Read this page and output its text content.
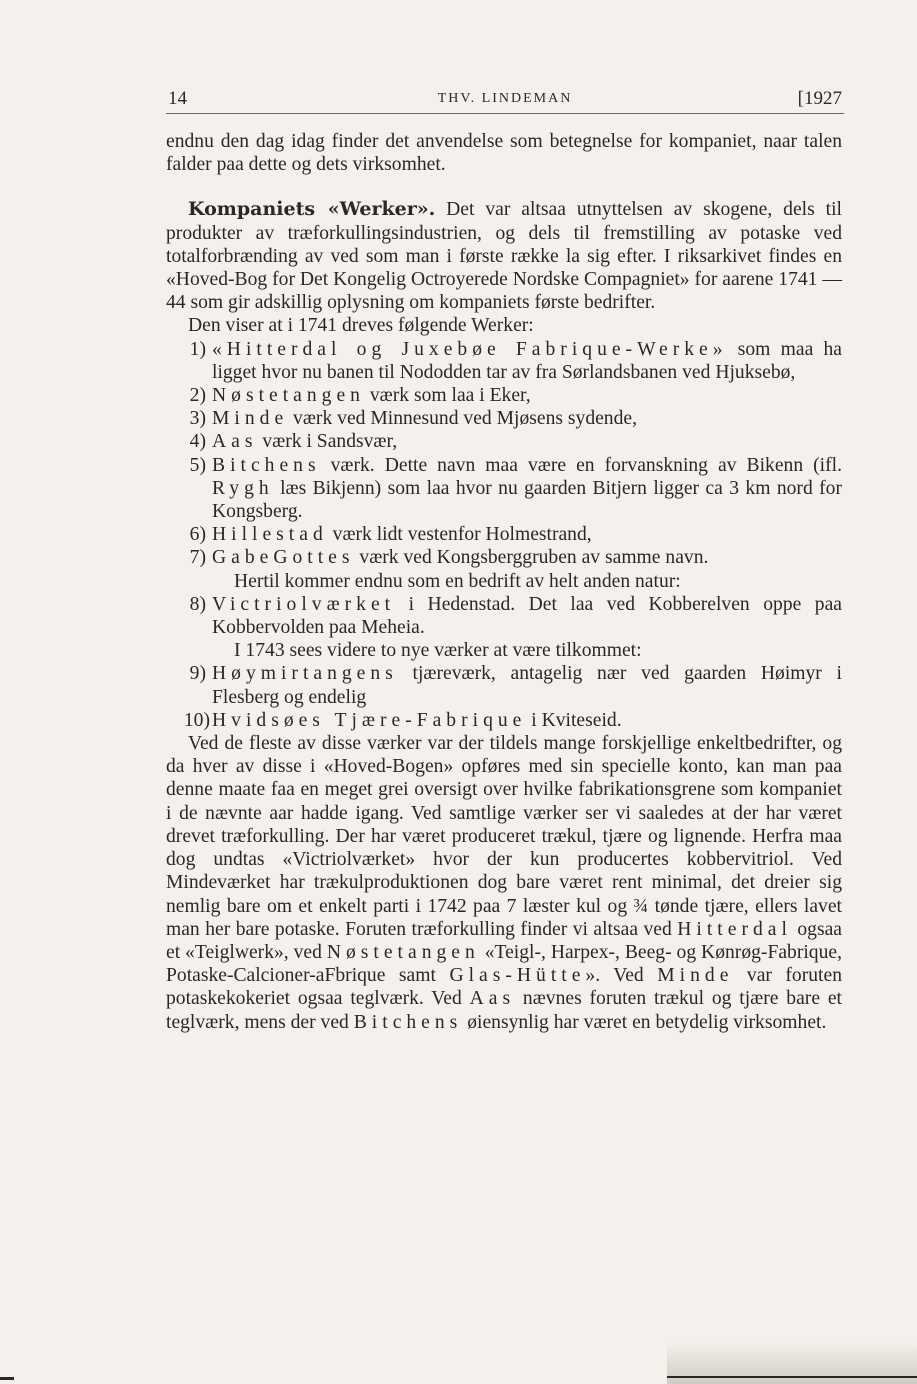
14	THV. LINDEMAN	[1927

endnu den dag idag finder det anvendelse som betegnelse for kompaniet, naar talen falder paa dette og dets virksomhet.

Kompaniets «Werker». Det var altsaa utnyttelsen av skogene, dels til produkter av træforkullingsindustrien, og dels til fremstilling av potaske ved totalforbrænding av ved som man i første række la sig efter. I riksarkivet findes en «Hoved-Bog for Det Kongelig Octroyerede Nordske Compagniet» for aarene 1741 —44 som gir adskillig oplysning om kompaniets første bedrifter.

Den viser at i 1741 dreves følgende Werker:

1) «Hitterdal og Juxebøe Fabrique-Werke» som maa ha ligget hvor nu banen til Nododden tar av fra Sørlandsbanen ved Hjuksebø,
2) Nøstetangen værk som laa i Eker,
3) Minde værk ved Minnesund ved Mjøsens sydende,
4) Aas værk i Sandsvær,
5) Bitchens værk. Dette navn maa være en forvanskning av Bikenn (ifl. Rygh læs Bikjenn) som laa hvor nu gaarden Bitjern ligger ca 3 km nord for Kongsberg.
6) Hillestad værk lidt vestenfor Holmestrand,
7) GabeGottes værk ved Kongsberggruben av samme navn.

Hertil kommer endnu som en bedrift av helt anden natur:

8) Victriolværket i Hedenstad. Det laa ved Kobberelven oppe paa Kobbervolden paa Meheia.

I 1743 sees videre to nye værker at være tilkommet:

9) Høymirtangens tjæreværk, antagelig nær ved gaarden Høimyr i Flesberg og endelig
10) Hvidsøes Tjære-Fabrique i Kviteseid.

Ved de fleste av disse værker var der tildels mange forskjellige enkeltbedrifter, og da hver av disse i «Hoved-Bogen» opføres med sin specielle konto, kan man paa denne maate faa en meget grei oversigt over hvilke fabrikationsgrene som kompaniet i de nævnte aar hadde igang. Ved samtlige værker ser vi saaledes at der har været drevet træforkulling. Der har været produceret trækul, tjære og lignende. Herfra maa dog undtas «Victriolværket» hvor der kun producertes kobbervitriol. Ved Mindeværket har trækulproduktionen dog bare været rent minimal, det dreier sig nemlig bare om et enkelt parti i 1742 paa 7 læster kul og ¾ tønde tjære, ellers lavet man her bare potaske. Foruten træforkulling finder vi altsaa ved Hitterdal ogsaa et «Teiglwerk», ved Nøstetangen «Teigl-, Harpex-, Beeg- og Kønrøg-Fabrique, Potaske-Calcioner-aFbrique samt Glas-Hütte». Ved Minde var foruten potaskekokeriet ogsaa teglværk. Ved Aas nævnes foruten trækul og tjære bare et teglværk, mens der ved Bitchens øiensynlig har været en betydelig virksomhet.
